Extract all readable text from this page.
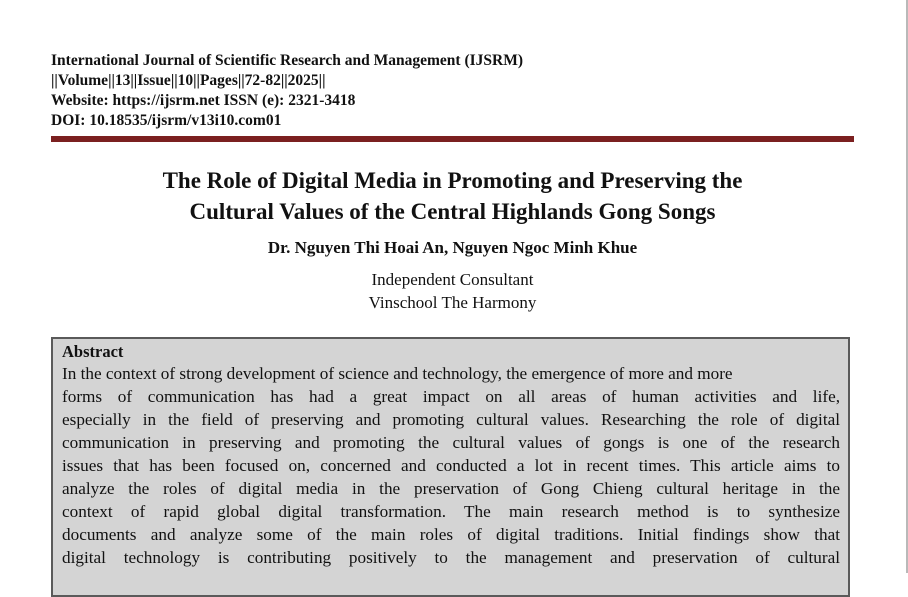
International Journal of Scientific Research and Management (IJSRM)
||Volume||13||Issue||10||Pages||72-82||2025||
Website: https://ijsrm.net ISSN (e): 2321-3418
DOI: 10.18535/ijsrm/v13i10.com01
The Role of Digital Media in Promoting and Preserving the
Cultural Values of the Central Highlands Gong Songs
Dr. Nguyen Thi Hoai An, Nguyen Ngoc Minh Khue
Independent Consultant
Vinschool The Harmony
Abstract
In the context of strong development of science and technology, the emergence of more and more
forms of communication has had a great impact on all areas of human activities and life,
especially in the field of preserving and promoting cultural values. Researching the role of digital
communication in preserving and promoting the cultural values of gongs is one of the research
issues that has been focused on, concerned and conducted a lot in recent times. This article aims to
analyze the roles of digital media in the preservation of Gong Chieng cultural heritage in the
context of rapid global digital transformation. The main research method is to synthesize
documents and analyze some of the main roles of digital traditions. Initial findings show that
digital technology is contributing positively to the management and preservation of cultural
